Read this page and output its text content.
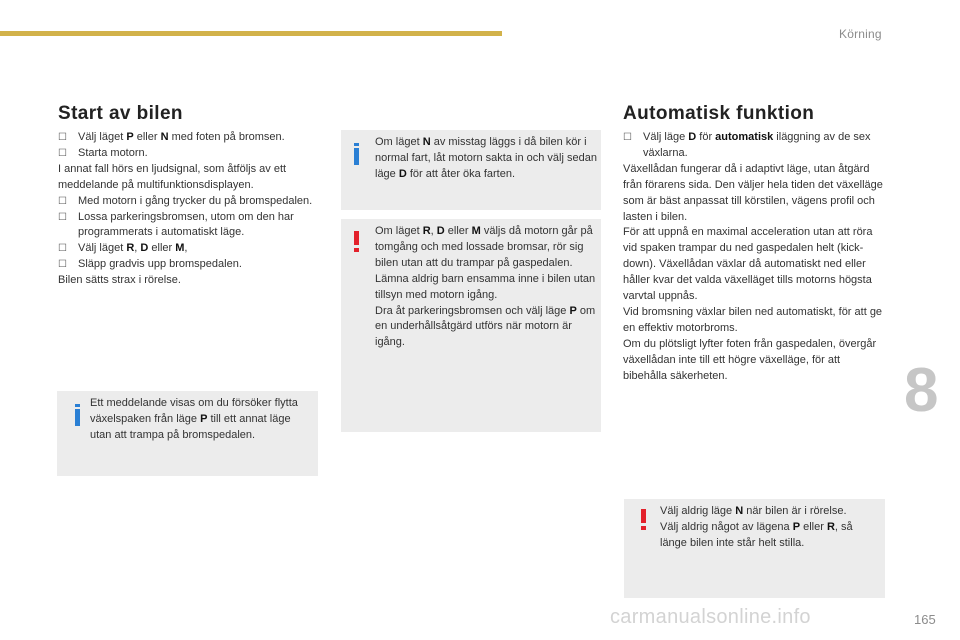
Körning
Start av bilen
☐ Välj läget P eller N med foten på bromsen.
☐ Starta motorn.
I annat fall hörs en ljudsignal, som åtföljs av ett meddelande på multifunktionsdisplayen.
☐ Med motorn i gång trycker du på bromspedalen.
☐ Lossa parkeringsbromsen, utom om den har programmerats i automatiskt läge.
☐ Välj läget R, D eller M,
☐ Släpp gradvis upp bromspedalen.
Bilen sätts strax i rörelse.
Ett meddelande visas om du försöker flytta växelspaken från läge P till ett annat läge utan att trampa på bromspedalen.
Om läget N av misstag läggs i då bilen kör i normal fart, låt motorn sakta in och välj sedan läge D för att åter öka farten.
Om läget R, D eller M väljs då motorn går på tomgång och med lossade bromsar, rör sig bilen utan att du trampar på gaspedalen.
Lämna aldrig barn ensamma inne i bilen utan tillsyn med motorn igång.
Dra åt parkeringsbromsen och välj läge P om en underhållsåtgärd utförs när motorn är igång.
Automatisk funktion
☐ Välj läge D för automatisk iläggning av de sex växlarna.
Växellådan fungerar då i adaptivt läge, utan åtgärd från förarens sida. Den väljer hela tiden det växelläge som är bäst anpassat till körstilen, vägens profil och lasten i bilen.
För att uppnå en maximal acceleration utan att röra vid spaken trampar du ned gaspedalen helt (kick-down). Växellådan växlar då automatiskt ned eller håller kvar det valda växelläget tills motorns högsta varvtal uppnås.
Vid bromsning växlar bilen ned automatiskt, för att ge en effektiv motorbroms.
Om du plötsligt lyfter foten från gaspedalen, övergår växellådan inte till ett högre växelläge, för att bibehålla säkerheten.
Välj aldrig läge N när bilen är i rörelse.
Välj aldrig något av lägena P eller R, så länge bilen inte står helt stilla.
8
carmanualsonline.info	165
